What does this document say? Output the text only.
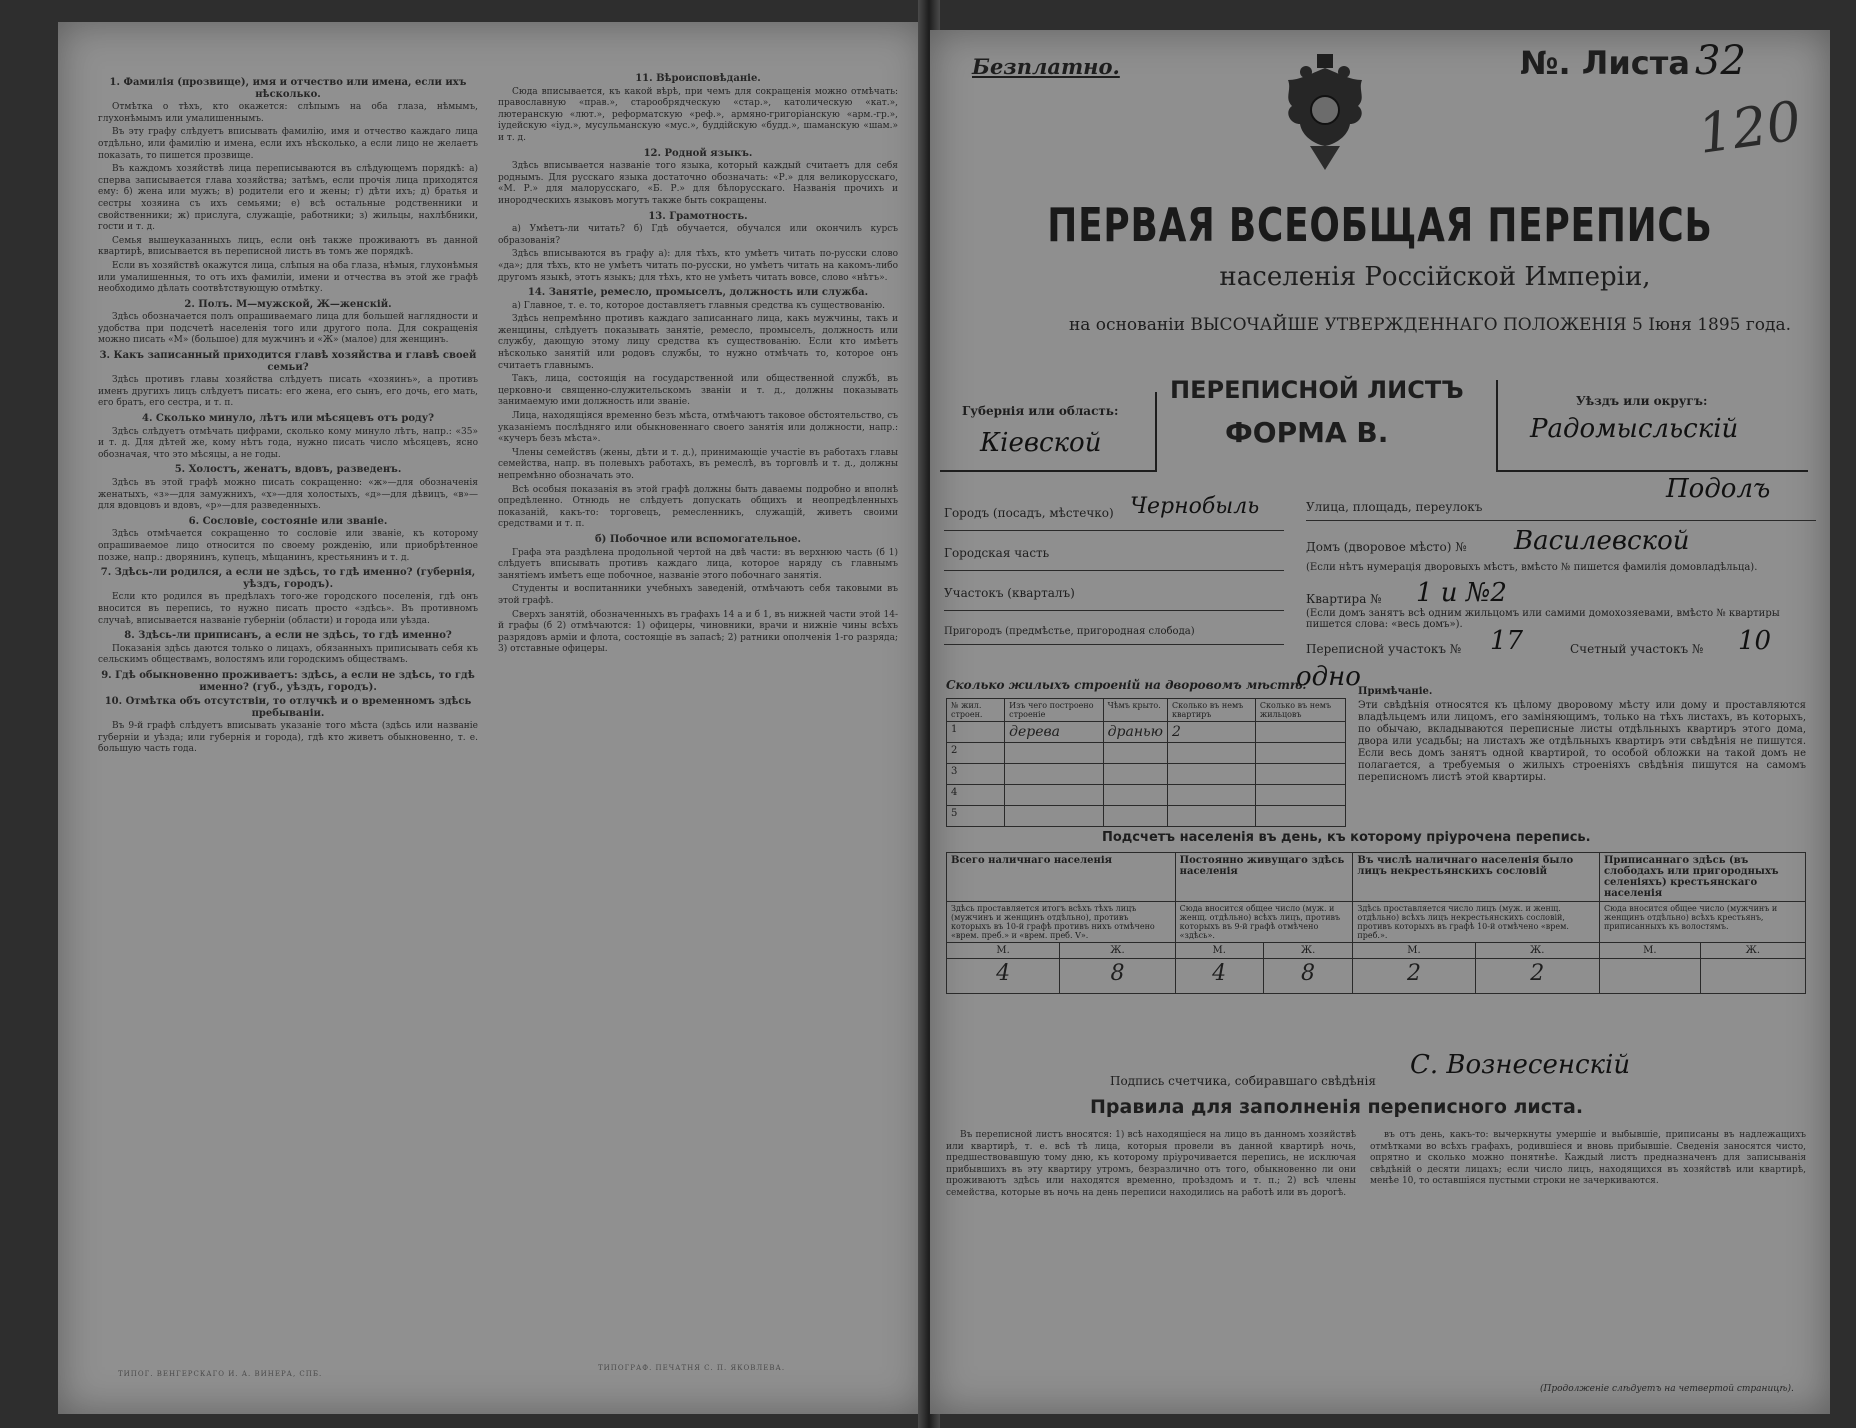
1. Фамилія (прозвище), имя и отчество или имена, если ихъ нѣсколько.

Отмѣтка о тѣхъ, кто окажется: слѣпымъ на оба глаза, нѣмымъ, глухонѣмымъ или умалишеннымъ.

Въ эту графу слѣдуетъ вписывать фамилію, имя и отчество каждаго лица отдѣльно, или фамилію и имена, если ихъ нѣсколько, а если лицо не желаетъ показать, то пишется прозвище.

Въ каждомъ хозяйствѣ лица переписываются въ слѣдующемъ порядкѣ: а) сперва записывается глава хозяйства; затѣмъ, если прочія лица приходятся ему: б) жена или мужъ; в) родители его и жены; г) дѣти ихъ; д) братья и сестры хозяина съ ихъ семьями; е) всѣ остальные родственники и свойственники; ж) прислуга, служащіе, работники; з) жильцы, нахлѣбники, гости и т. д.

Семья вышеуказанныхъ лицъ, если онѣ также проживаютъ въ данной квартирѣ, вписывается въ переписной листъ въ томъ же порядкѣ.

Если въ хозяйствѣ окажутся лица, слѣпыя на оба глаза, нѣмыя, глухонѣмыя или умалишенныя, то отъ ихъ фамиліи, имени и отчества въ этой же графѣ необходимо дѣлать соотвѣтствующую отмѣтку.

2. Полъ. М—мужской, Ж—женскій.

Здѣсь обозначается полъ опрашиваемаго лица для большей наглядности и удобства при подсчетѣ населенія того или другого пола. Для сокращенія можно писать «М» (большое) для мужчинъ и «Ж» (малое) для женщинъ.

3. Какъ записанный приходится главѣ хозяйства и главѣ своей семьи?

Здѣсь противъ главы хозяйства слѣдуетъ писать «хозяинъ», а противъ именъ другихъ лицъ слѣдуетъ писать: его жена, его сынъ, его дочь, его мать, его братъ, его сестра, и т. п.

4. Сколько минуло, лѣтъ или мѣсяцевъ отъ роду?

Здѣсь слѣдуетъ отмѣчать цифрами, сколько кому минуло лѣтъ, напр.: «35» и т. д. Для дѣтей же, кому нѣтъ года, нужно писать число мѣсяцевъ, ясно обозначая, что это мѣсяцы, а не годы.

5. Холостъ, женатъ, вдовъ, разведенъ.

Здѣсь въ этой графѣ можно писать сокращенно: «ж»—для обозначенія женатыхъ, «з»—для замужнихъ, «х»—для холостыхъ, «д»—для дѣвицъ, «в»—для вдовцовъ и вдовъ, «р»—для разведенныхъ.

6. Сословіе, состояніе или званіе.

Здѣсь отмѣчается сокращенно то сословіе или званіе, къ которому опрашиваемое лицо относится по своему рожденію, или приобрѣтенное позже, напр.: дворянинъ, купецъ, мѣщанинъ, крестьянинъ и т. д.

7. Здѣсь-ли родился, а если не здѣсь, то гдѣ именно? (губернія, уѣздъ, городъ).

Если кто родился въ предѣлахъ того-же городского поселенія, гдѣ онъ вносится въ перепись, то нужно писать просто «здѣсь». Въ противномъ случаѣ, вписывается названіе губерніи (области) и города или уѣзда.

8. Здѣсь-ли приписанъ, а если не здѣсь, то гдѣ именно?

Показанія здѣсь даются только о лицахъ, обязанныхъ приписывать себя къ сельскимъ обществамъ, волостямъ или городскимъ обществамъ.

9. Гдѣ обыкновенно проживаетъ: здѣсь, а если не здѣсь, то гдѣ именно? (губ., уѣздъ, городъ).
10. Отмѣтка объ отсутствіи, то отлучкѣ и о временномъ здѣсь пребываніи.

Въ 9-й графѣ слѣдуетъ вписывать указаніе того мѣста (здѣсь или названіе губерніи и уѣзда; или губернія и города), гдѣ кто живетъ обыкновенно, т. е. большую часть года.

11. Вѣроисповѣданіе.

Сюда вписывается, къ какой вѣрѣ, при чемъ для сокращенія можно отмѣчать: православную «прав.», старообрядческую «стар.», католическую «кат.», лютеранскую «лют.», реформатскую «реф.», армяно-григоріанскую «арм.-гр.», іудейскую «іуд.», мусульманскую «мус.», буддійскую «будд.», шаманскую «шам.» и т. д.

12. Родной языкъ.

Здѣсь вписывается названіе того языка, который каждый считаетъ для себя роднымъ. Для русскаго языка достаточно обозначать: «Р.» для великорусскаго, «М. Р.» для малорусскаго, «Б. Р.» для бѣлорусскаго. Названія прочихъ и инородческихъ языковъ могутъ также быть сокращены.

13. Грамотность.

а) Умѣетъ-ли читать? б) Гдѣ обучается, обучался или окончилъ курсъ образованія?

Здѣсь вписываются въ графу а): для тѣхъ, кто умѣетъ читать по-русски слово «да»; для тѣхъ, кто не умѣетъ читать по-русски, но умѣетъ читать на какомъ-либо другомъ языкѣ, этотъ языкъ; для тѣхъ, кто не умѣетъ читать вовсе, слово «нѣтъ».

14. Занятіе, ремесло, промыселъ, должность или служба.

а) Главное, т. е. то, которое доставляетъ главныя средства къ существованію.

Здѣсь непремѣнно противъ каждаго записаннаго лица, какъ мужчины, такъ и женщины, слѣдуетъ показывать занятіе, ремесло, промыселъ, должность или службу, дающую этому лицу средства къ существованію. Если кто имѣетъ нѣсколько занятій или родовъ службы, то нужно отмѣчать то, которое онъ считаетъ главнымъ.

Такъ, лица, состоящія на государственной или общественной службѣ, въ церковно-и священно-служительскомъ званіи и т. д., должны показывать занимаемую ими должность или званіе.

Лица, находящіяся временно безъ мѣста, отмѣчаютъ таковое обстоятельство, съ указаніемъ послѣдняго или обыкновеннаго своего занятія или должности, напр.: «кучеръ безъ мѣста».

Члены семействъ (жены, дѣти и т. д.), принимающіе участіе въ работахъ главы семейства, напр. въ полевыхъ работахъ, въ ремеслѣ, въ торговлѣ и т. д., должны непремѣнно обозначать это.

Всѣ особыя показанія въ этой графѣ должны быть даваемы подробно и вполнѣ опредѣленно. Отнюдь не слѣдуетъ допускать общихъ и неопредѣленныхъ показаній, какъ-то: торговецъ, ремесленникъ, служащій, живетъ своими средствами и т. п.

б) Побочное или вспомогательное.

Графа эта раздѣлена продольной чертой на двѣ части: въ верхнюю часть (б 1) слѣдуетъ вписывать противъ каждаго лица, которое наряду съ главнымъ занятіемъ имѣетъ еще побочное, названіе этого побочнаго занятія.

Студенты и воспитанники учебныхъ заведеній, отмѣчаютъ себя таковыми въ этой графѣ.

Сверхъ занятій, обозначенныхъ въ графахъ 14 а и б 1, въ нижней части этой 14-й графы (б 2) отмѣчаются: 1) офицеры, чиновники, врачи и нижніе чины всѣхъ разрядовъ армiи и флота, состоящіе въ запасѣ; 2) ратники ополченія 1-го разряда; 3) отставные офицеры.

ТИПОГ. ВЕНГЕРСКАГО И. А. ВИНЕРА, СПБ.
ТИПОГРАФ. ПЕЧАТНЯ С. П. ЯКОВЛЕВА.
Безплатно.	№. Листа 32
ПЕРВАЯ ВСЕОБЩАЯ ПЕРЕПИСЬ
населенія Россійской Имперіи,
на основаніи ВЫСОЧАЙШЕ УТВЕРЖДЕННАГО ПОЛОЖЕНІЯ 5 Іюня 1895 года.
Губернія или область:
Кіевской
ПЕРЕПИСНОЙ ЛИСТЪ
ФОРМА В.
Уѣздъ или округъ:
Радомысльскій
Городъ (посадъ, мѣстечко) Чернобыль
Городская часть
Участокъ (кварталъ)
Пригородъ (предмѣстье, пригородная слобода)
Улица, площадь, переулокъ
Подолъ
Домъ (дворовое мѣсто) № Василевской
(Если нѣтъ нумерація дворовыхъ мѣстъ, вмѣсто № пишется фамилія домовладѣльца).
Квартира № 1 и №2
(Если домъ занятъ всѣ одним жильцомъ или самими домохозяевами, вмѣсто № квартиры пишется слова: «весь домъ»).
Переписной участокъ № 17	Счетный участокъ № 10
Сколько жилыхъ строеній на дворовомъ мѣстѣ:
одно
№ жил. строен.	Изъ чего построено строеніе	Чѣмъ крыто.	Сколько въ немъ квартиръ	Сколько въ немъ жильцовъ
1	дерева	дранью	2	
2				
3				
4				
5				
Примѣчаніе.
Эти свѣдѣнія относятся къ цѣлому дворовому мѣсту или дому и проставляются владѣльцемъ или лицомъ, его заміняющимъ, только на тѣхъ листахъ, въ которыхъ, по обычаю, вкладываются переписные листы отдѣльныхъ квартиръ этого дома, двора или усадьбы; на листахъ же отдѣльныхъ квартиръ эти свѣдѣнія не пишутся. Если весь домъ занятъ одной квартирой, то особой обложки на такой домъ не полагается, а требуемыя о жилыхъ строеніяхъ свѣдѣнія пишутся на самомъ переписномъ листѣ этой квартиры.
Подсчетъ населенія въ день, къ которому пріурочена перепись.
Всего наличнаго населенія		Постоянно живущаго здѣсь населенія		Въ числѣ наличнаго населенія было лицъ некрестьянскихъ сословій		Приписаннаго здѣсь (въ слободахъ или пригородныхъ селеніяхъ) крестьянскаго населенія	
Здѣсь проставляется итогъ всѣхъ тѣхъ лицъ (мужчинъ и женщинъ отдѣльно), противъ которыхъ въ 10-й графѣ противъ нихъ отмѣчено «врем. преб.» и «врем. преб. V».		Сюда вносится общее число (муж. и женщ. отдѣльно) всѣхъ лицъ, противъ которыхъ въ 9-й графѣ отмѣчено «здѣсь».		Здѣсь проставляется число лицъ (муж. и женщ. отдѣльно) всѣхъ лицъ некрестьянскихъ сословій, противъ которыхъ въ графѣ 10-й отмѣчено «врем. преб.».		Сюда вносится общее число (мужчинъ и женщинъ отдѣльно) всѣхъ крестьянъ, приписанныхъ къ волостямъ.	
М.	Ж.	М.	Ж.	М.	Ж.	М.	Ж.
4	8	4	8	2	2		
Подпись счетчика, собиравшаго свѣдѣнія
С. Вознесенскій
Правила для заполненія переписного листа.

Въ переписной листъ вносятся: 1) всѣ находящіеся на лицо въ данномъ хозяйствѣ или квартирѣ, т. е. всѣ тѣ лица, которыя провели въ данной квартирѣ ночь, предшествовавшую тому дню, къ которому пріурочивается перепись, не исключая прибывшихъ въ эту квартиру утромъ, безразлично отъ того, обыкновенно ли они проживаютъ здѣсь или находятся временно, проѣздомъ и т. п.; 2) всѣ члены семейства, которые въ ночь на день переписи находились на работѣ или въ дорогѣ.

въ отъ день, какъ-то: вычеркнуты умершіе и выбывшіе, приписаны въ надлежащихъ отмѣтками во всѣхъ графахъ, родившіеся и вновь прибывшіе. Сведенія заносятся чисто, опрятно и сколько можно понятнѣе. Каждый листъ предназначенъ для записыванія свѣдѣній о десяти лицахъ; если число лицъ, находящихся въ хозяйствѣ или квартирѣ, менѣе 10, то оставшіяся пустыми строки не зачеркиваются.

(Продолженіе слѣдуетъ на четвертой страницѣ).
120
